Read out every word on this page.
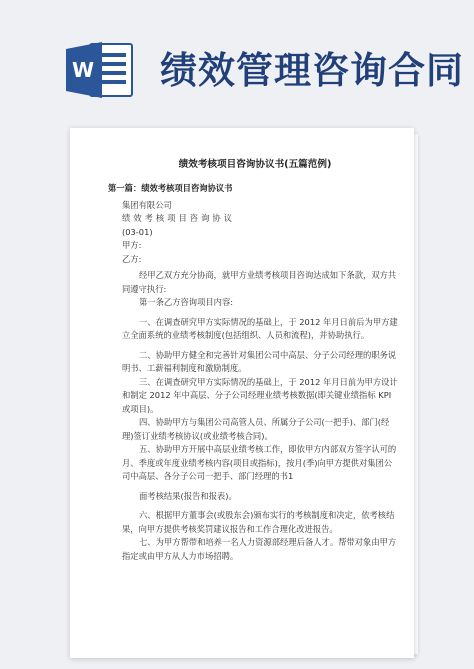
W 绩效管理咨询合同
绩效考核项目咨询协议书(五篇范例)

第一篇：绩效考核项目咨询协议书

集团有限公司

绩效考核项目咨询协议

(03-01)

甲方:

乙方:

经甲乙双方充分协商，就甲方业绩考核项目咨询达成如下条款，双方共同遵守执行:

第一条乙方咨询项目内容:

一、在调查研究甲方实际情况的基础上，于 2012 年月日前后为甲方建立全面系统的业绩考核制度(包括组织、人员和流程)，并协助执行。

二、协助甲方健全和完善针对集团公司中高层、分子公司经理的职务说明书、工薪福利制度和激励制度。

三、在调查研究甲方实际情况的基础上，于 2012 年月日前为甲方设计和制定 2012 年中高层、分子公司经理业绩考核数据(即关键业绩指标 KPI 或项目)。

四、协助甲方与集团公司高管人员、所属分子公司(一把手)、部门(经理)签订业绩考核协议(或业绩考核合同)。

五、协助甲方开展中高层业绩考核工作，即依甲方内部双方签字认可的月、季度或年度业绩考核内容(项目或指标)，按月(季)向甲方提供对集团公司中高层、各分子公司一把手、部门经理的书1

面考核结果(报告和报表)。

六、根据甲方董事会(或股东会)颁布实行的考核制度和决定，依考核结果，向甲方提供考核奖罚建议报告和工作合理化改进报告。

七、为甲方帮带和培养一名人力资源部经理后备人才。帮带对象由甲方指定或由甲方从人力市场招聘。
